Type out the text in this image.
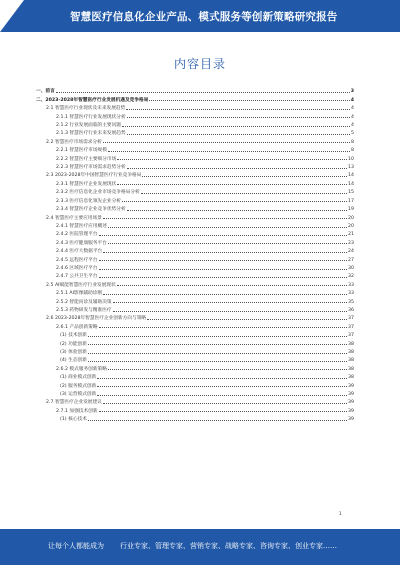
智慧医疗信息化企业产品、模式服务等创新策略研究报告
内容目录
一、前言	3
二、2023-2028年智慧医疗行业发展机遇及竞争格局	4
2.1 智慧医疗行业现状及未来发展趋势	4
2.1.1 智慧医疗行业发展现状分析	4
2.1.2 行业发展面临的主要问题	4
2.1.3 智慧医疗行业未来发展趋势	5
2.2 智慧医疗市场需求分析	8
2.2.1 智慧医疗市场规模	8
2.2.2 智慧医疗主要细分市场	10
2.2.3 智慧医疗市场需求趋势分析	13
2.3 2023-2028年中国智慧医疗行业竞争格局	14
2.3.1 智慧医疗企业发展现状	14
2.3.2 医疗信息化企业市场竞争格局分析	15
2.3.3 医疗信息化领先企业分析	17
2.3.4 智慧医疗企业竞争优势分析	19
2.4 智慧医疗主要应用场景	20
2.4.1 智慧医疗应用概述	20
2.4.2 医院管理平台	21
2.4.3 医疗健康服务平台	23
2.4.4 医疗大数据平台	24
2.4.5 远程医疗平台	27
2.4.6 区域医疗平台	30
2.4.7 公共卫生平台	32
2.5 AI赋能智慧医疗行业发展现状	33
2.5.1 AI影像辅助诊断	33
2.5.2 智能问诊及辅助决策	35
2.5.3 药物研发与精准医疗	36
2.6 2023-2028年智慧医疗企业创新方向与策略	37
2.6.1 产品创新策略	37
(1) 技术创新	37
(2) 功能创新	38
(3) 体验创新	38
(4) 生态创新	38
2.6.2 模式服务创新策略	38
(1) 商业模式创新	38
(2) 服务模式创新	39
(3) 运营模式创新	39
2.7 智慧医疗企业发展建议	39
2.7.1 加强技术创新	39
(1) 核心技术	39
1
让每个人都能成为 行业专家、管理专家、营销专家、战略专家、咨询专家、创业专家……
